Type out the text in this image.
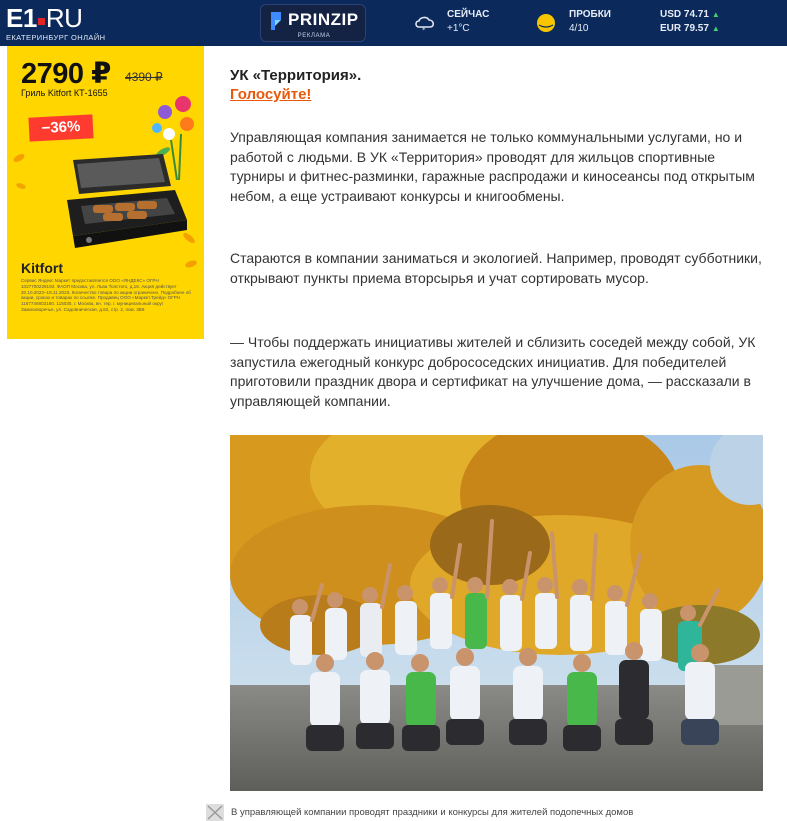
E1 RU
ЕКАТЕРИНБУРГ ОНЛАЙН
PRINZIP
РЕКЛАМА
*
СЕЙЧАС
+1°С
ПРОБКИ
4/10
USD 74.71 ▲
EUR 79.57 ▲
2790 ₽ 4390 ₽
Гриль Kitfort КТ-1655
−36%
Kitfort
Сервис Яндекс Маркет предоставляется ООО «ЯНДЕКС» ОГРН 1027700229193. ФАОП Москва, ул. Льва Толстого, д.16. Акция действует 20.10.2023–19.11.2023. Количество товара по акции ограничено. Подробнее об акции, сроках и товарах по ссылке. Продавец ООО «Маркет.Трейд» ОГРН 1167746803180. 115035, г. Москва, вн. тер. г. муниципальный округ Замоскворечье, ул. Садовническая, д.82, стр. 2, пом. 3В8
УК «Территория».
Голосуйте!

Управляющая компания занимается не только коммунальными услугами, но и работой с людьми. В УК «Территория» проводят для жильцов спортивные турниры и фитнес-разминки, гаражные распродажи и киносеансы под открытым небом, а еще устраивают конкурсы и книгообмены.

Стараются в компании заниматься и экологией. Например, проводят субботники, открывают пункты приема вторсырья и учат сортировать мусор.

— Чтобы поддержать инициативы жителей и сблизить соседей между собой, УК запустила ежегодный конкурс добрососедских инициатив. Для победителей приготовили праздник двора и сертификат на улучшение дома, — рассказали в управляющей компании.

В управляющей компании проводят праздники и конкурсы для жителей подопечных домов
